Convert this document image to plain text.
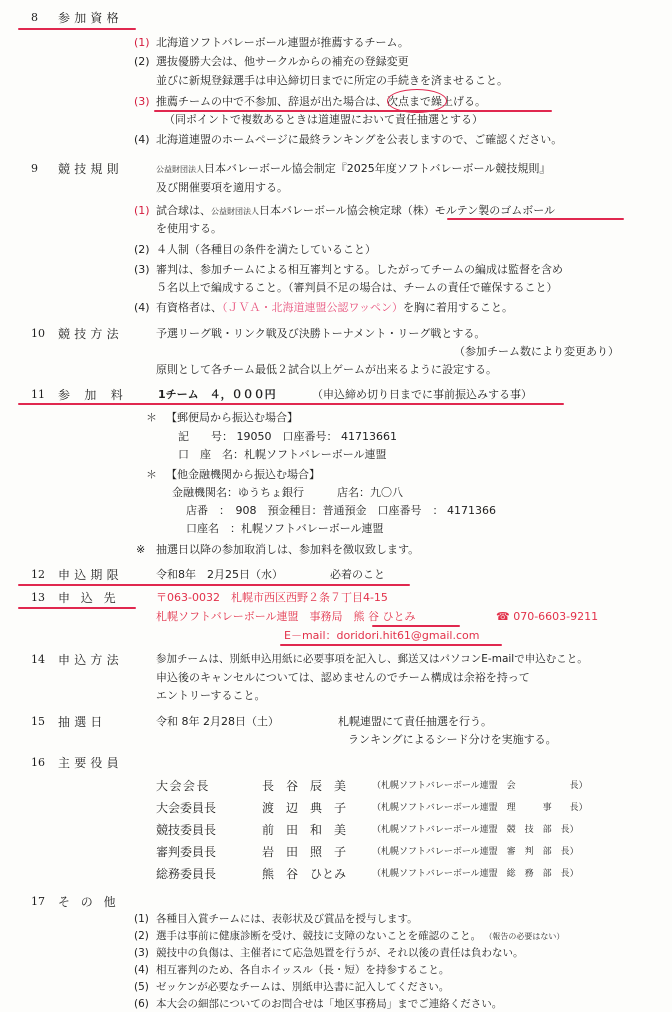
8 参加資格
(1) 北海道ソフトバレーボール連盟が推薦するチーム。
(2) 選抜優勝大会は、他サークルからの補充の登録変更
並びに新規登録選手は申込締切日までに所定の手続きを済ませること。
(3) 推薦チームの中で不参加、辞退が出た場合は、次点まで繰上げる。
（同ポイントで複数あるときは道連盟において責任抽選とする）
(4) 北海道連盟のホームページに最終ランキングを公表しますので、ご確認ください。
9 競技規則	公益財団法人日本バレーボール協会制定『2025年度ソフトバレーボール競技規則』
及び開催要項を適用する。
(1) 試合球は、公益財団法人日本バレーボール協会検定球（株）モルテン製のゴムボール
を使用する。
(2) ４人制（各種目の条件を満たしていること）
(3) 審判は、参加チームによる相互審判とする。したがってチームの編成は監督を含め
５名以上で編成すること。（審判員不足の場合は、チームの責任で確保すること）
(4) 有資格者は、（ＪＶＡ・北海道連盟公認ワッペン）を胸に着用すること。
10 競技方法	予選リーグ戦・リンク戦及び決勝トーナメント・リーグ戦とする。
（参加チーム数により変更あり）
原則として各チーム最低２試合以上ゲームが出来るように設定する。
11 参加料 1チーム　４，０００円	（申込締め切り日までに事前振込みする事）
＊ 【郵便局から振込む場合】
記　　号： 19050　 口座番号： 41713661
口　座　名：札幌ソフトバレーボール連盟
＊ 【他金融機関から振込む場合】
金融機関名：ゆうちょ銀行　　　店名：九〇八
店番　：　 908　 預金種目：普通預金　口座番号　： 4171366
口座名　：札幌ソフトバレーボール連盟
※ 抽選日以降の参加取消しは、参加料を徴収致します。
12 申込期限	令和8年　2月25日（水）	必着のこと
13 申込先	〒063-0032　札幌市西区西野２条７丁目4-15
札幌ソフトバレーボール連盟　事務局　熊 谷 ひとみ	☎ 070-6603-9211
E－mail：doridori.hit61@gmail.com
14 申込方法	参加チームは、別紙申込用紙に必要事項を記入し、郵送又はパソコンE-mailで申込むこと。
申込後のキャンセルについては、認めませんのでチーム構成は余裕を持って
エントリーすること。
15 抽選日	令和 8年 2月28日（土）	札幌連盟にて責任抽選を行う。
ランキングによるシード分けを実施する。
16 主要役員
大会会長	長　谷　辰　美	（札幌ソフトバレーボール連盟　会　　　　　　長）
大会委員長	渡　辺　典　子	（札幌ソフトバレーボール連盟　理　　　事　　長）
競技委員長	前　田　和　美	（札幌ソフトバレーボール連盟　競　技　部　長）
審判委員長	岩　田　照　子	（札幌ソフトバレーボール連盟　審　判　部　長）
総務委員長	熊　谷　ひとみ	（札幌ソフトバレーボール連盟　総　務　部　長）
17 その他
(1) 各種目入賞チームには、表彰状及び賞品を授与します。
(2) 選手は事前に健康診断を受け、競技に支障のないことを確認のこと。 （報告の必要はない）
(3) 競技中の負傷は、主催者にて応急処置を行うが、それ以後の責任は負わない。
(4) 相互審判のため、各自ホイッスル（長・短）を持参すること。
(5) ゼッケンが必要なチームは、別紙申込書に記入してください。
(6) 本大会の細部についてのお問合せは「地区事務局」までご連絡ください。
